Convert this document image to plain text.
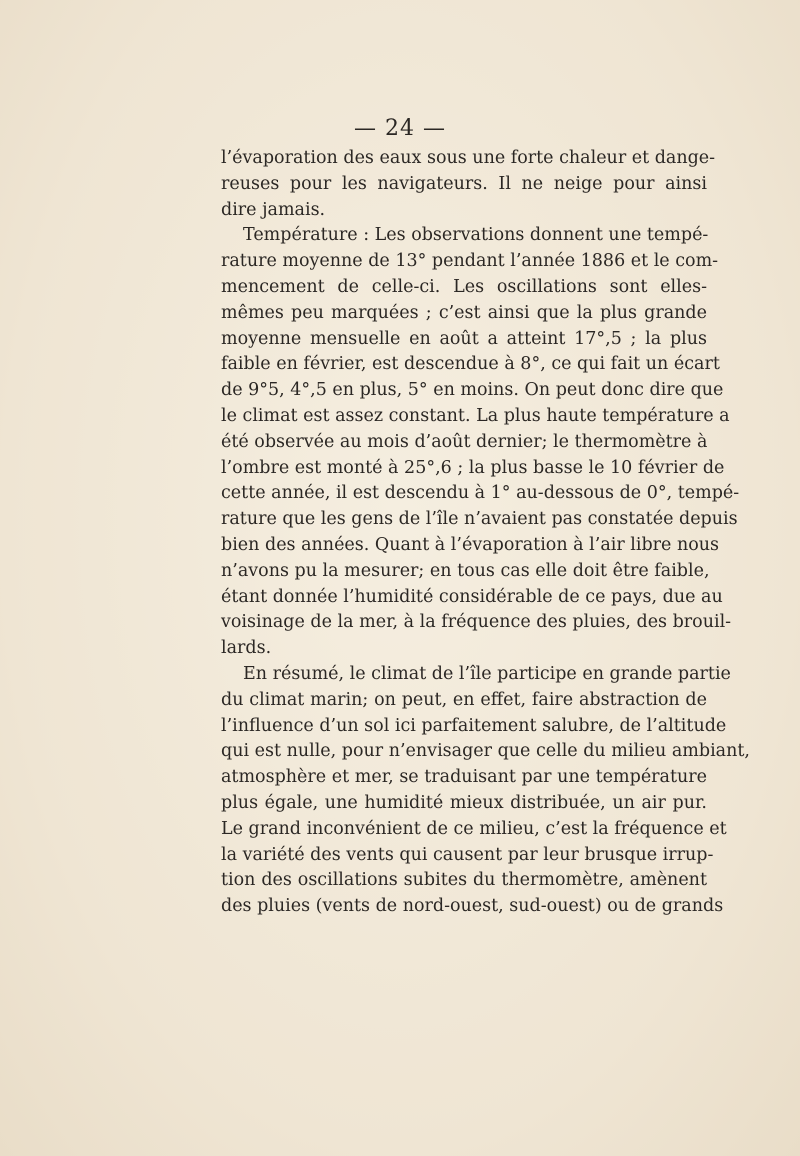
— 24 —
l’évaporation des eaux sous une forte chaleur et dange-
reuses pour les navigateurs. Il ne neige pour ainsi
dire jamais.
Température : Les observations donnent une tempé-
rature moyenne de 13° pendant l’année 1886 et le com-
mencement de celle-ci. Les oscillations sont elles-
mêmes peu marquées ; c’est ainsi que la plus grande
moyenne mensuelle en août a atteint 17°,5 ; la plus
faible en février, est descendue à 8°, ce qui fait un écart
de 9°5, 4°,5 en plus, 5° en moins. On peut donc dire que
le climat est assez constant. La plus haute température a
été observée au mois d’août dernier; le thermomètre à
l’ombre est monté à 25°,6 ; la plus basse le 10 février de
cette année, il est descendu à 1° au-dessous de 0°, tempé-
rature que les gens de l’île n’avaient pas constatée depuis
bien des années. Quant à l’évaporation à l’air libre nous
n’avons pu la mesurer; en tous cas elle doit être faible,
étant donnée l’humidité considérable de ce pays, due au
voisinage de la mer, à la fréquence des pluies, des brouil-
lards.
En résumé, le climat de l’île participe en grande partie
du climat marin; on peut, en effet, faire abstraction de
l’influence d’un sol ici parfaitement salubre, de l’altitude
qui est nulle, pour n’envisager que celle du milieu ambiant,
atmosphère et mer, se traduisant par une température
plus égale, une humidité mieux distribuée, un air pur.
Le grand inconvénient de ce milieu, c’est la fréquence et
la variété des vents qui causent par leur brusque irrup-
tion des oscillations subites du thermomètre, amènent
des pluies (vents de nord-ouest, sud-ouest) ou de grands
